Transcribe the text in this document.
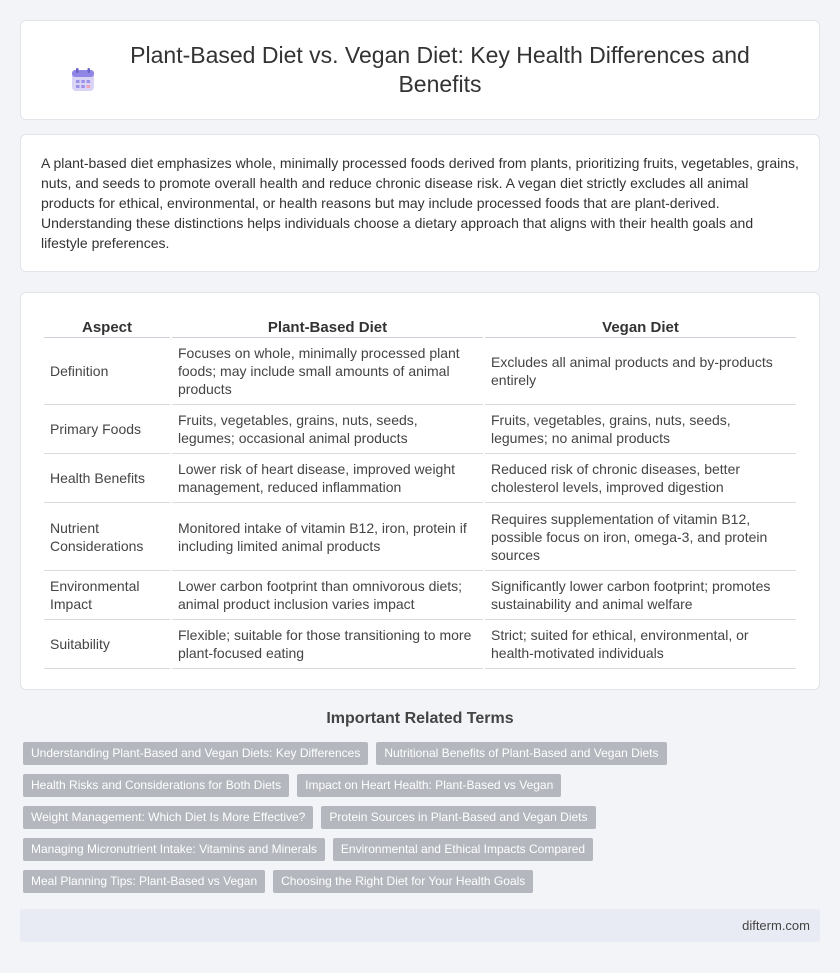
Plant-Based Diet vs. Vegan Diet: Key Health Differences and Benefits

A plant-based diet emphasizes whole, minimally processed foods derived from plants, prioritizing fruits, vegetables, grains, nuts, and seeds to promote overall health and reduce chronic disease risk. A vegan diet strictly excludes all animal products for ethical, environmental, or health reasons but may include processed foods that are plant-derived. Understanding these distinctions helps individuals choose a dietary approach that aligns with their health goals and lifestyle preferences.

Aspect	Plant-Based Diet	Vegan Diet
Definition	Focuses on whole, minimally processed plant foods; may include small amounts of animal products	Excludes all animal products and by-products entirely
Primary Foods	Fruits, vegetables, grains, nuts, seeds, legumes; occasional animal products	Fruits, vegetables, grains, nuts, seeds, legumes; no animal products
Health Benefits	Lower risk of heart disease, improved weight management, reduced inflammation	Reduced risk of chronic diseases, better cholesterol levels, improved digestion
Nutrient Considerations	Monitored intake of vitamin B12, iron, protein if including limited animal products	Requires supplementation of vitamin B12, possible focus on iron, omega-3, and protein sources
Environmental Impact	Lower carbon footprint than omnivorous diets; animal product inclusion varies impact	Significantly lower carbon footprint; promotes sustainability and animal welfare
Suitability	Flexible; suitable for those transitioning to more plant-focused eating	Strict; suited for ethical, environmental, or health-motivated individuals
Important Related Terms
Understanding Plant-Based and Vegan Diets: Key Differences	Nutritional Benefits of Plant-Based and Vegan Diets
Health Risks and Considerations for Both Diets	Impact on Heart Health: Plant-Based vs Vegan
Weight Management: Which Diet Is More Effective?	Protein Sources in Plant-Based and Vegan Diets
Managing Micronutrient Intake: Vitamins and Minerals	Environmental and Ethical Impacts Compared
Meal Planning Tips: Plant-Based vs Vegan	Choosing the Right Diet for Your Health Goals
difterm.com
